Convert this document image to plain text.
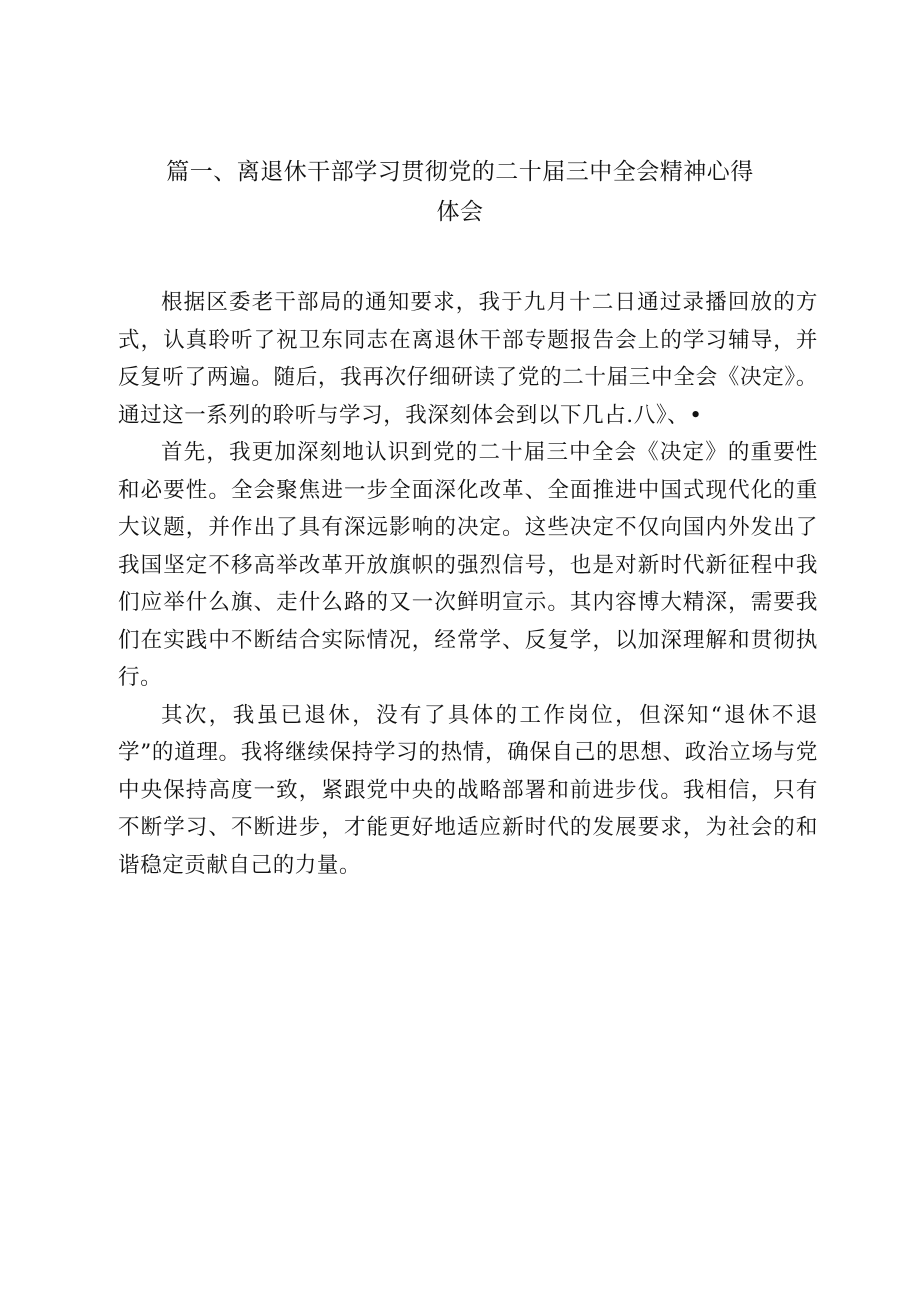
篇一、离退休干部学习贯彻党的二十届三中全会精神心得
体会

根据区委老干部局的通知要求，我于九月十二日通过录播回放的方式，认真聆听了祝卫东同志在离退休干部专题报告会上的学习辅导，并反复听了两遍。随后，我再次仔细研读了党的二十届三中全会《决定》。通过这一系列的聆听与学习，我深刻体会到以下几占.八》、•

首先，我更加深刻地认识到党的二十届三中全会《决定》的重要性和必要性。全会聚焦进一步全面深化改革、全面推进中国式现代化的重大议题，并作出了具有深远影响的决定。这些决定不仅向国内外发出了我国坚定不移高举改革开放旗帜的强烈信号，也是对新时代新征程中我们应举什么旗、走什么路的又一次鲜明宣示。其内容博大精深，需要我们在实践中不断结合实际情况，经常学、反复学，以加深理解和贯彻执行。

其次，我虽已退休，没有了具体的工作岗位，但深知“退休不退学”的道理。我将继续保持学习的热情，确保自己的思想、政治立场与党中央保持高度一致，紧跟党中央的战略部署和前进步伐。我相信，只有不断学习、不断进步，才能更好地适应新时代的发展要求，为社会的和谐稳定贡献自己的力量。
